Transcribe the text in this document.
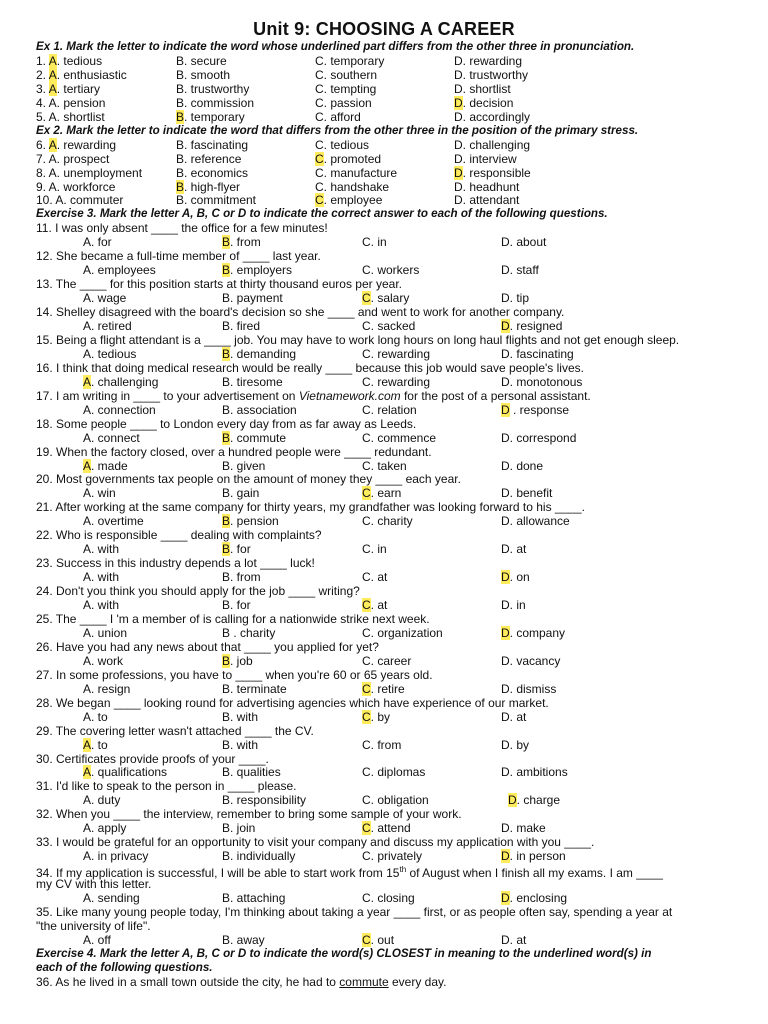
Unit 9: CHOOSING A CAREER
Ex 1. Mark the letter to indicate the word whose underlined part differs from the other three in pronunciation.
1. A. tedious	B. secure	C. temporary	D. rewarding
2. A. enthusiastic	B. smooth	C. southern	D. trustworthy
3. A. tertiary	B. trustworthy	C. tempting	D. shortlist
4. A. pension	B. commission	C. passion	D. decision
5. A. shortlist	B. temporary	C. afford	D. accordingly
Ex 2. Mark the letter to indicate the word that differs from the other three in the position of the primary stress.
6. A. rewarding	B. fascinating	C. tedious	D. challenging
7. A. prospect	B. reference	C. promoted	D. interview
8. A. unemployment	B. economics	C. manufacture	D. responsible
9. A. workforce	B. high-flyer	C. handshake	D. headhunt
10. A. commuter	B. commitment	C. employee	D. attendant
Exercise 3. Mark the letter A, B, C or D to indicate the correct answer to each of the following questions.
11. I was only absent ____ the office for a few minutes!
A. for	B. from	C. in	D. about
12. She became a full-time member of ____ last year.
A. employees	B. employers	C. workers	D. staff
13. The ____ for this position starts at thirty thousand euros per year.
A. wage	B. payment	C. salary	D. tip
14. Shelley disagreed with the board's decision so she ____ and went to work for another company.
A. retired	B. fired	C. sacked	D. resigned
15. Being a flight attendant is a ____ job. You may have to work long hours on long haul flights and not get enough sleep.
A. tedious	B. demanding	C. rewarding	D. fascinating
16. I think that doing medical research would be really ____ because this job would save people's lives.
A. challenging	B. tiresome	C. rewarding	D. monotonous
17. I am writing in ____ to your advertisement on Vietnamework.com for the post of a personal assistant.
A. connection	B. association	C. relation	D . response
18. Some people ____ to London every day from as far away as Leeds.
A. connect	B. commute	C. commence	D. correspond
19. When the factory closed, over a hundred people were ____ redundant.
A. made	B. given	C. taken	D. done
20. Most governments tax people on the amount of money they ____ each year.
A. win	B. gain	C. earn	D. benefit
21. After working at the same company for thirty years, my grandfather was looking forward to his ____.
A. overtime	B. pension	C. charity	D. allowance
22. Who is responsible ____ dealing with complaints?
A. with	B. for	C. in	D. at
23. Success in this industry depends a lot ____ luck!
A. with	B. from	C. at	D. on
24. Don't you think you should apply for the job ____ writing?
A. with	B. for	C. at	D. in
25. The ____ I 'm a member of is calling for a nationwide strike next week.
A. union	B . charity	C. organization	D. company
26. Have you had any news about that ____ you applied for yet?
A. work	B. job	C. career	D. vacancy
27. In some professions, you have to ____ when you're 60 or 65 years old.
A. resign	B. terminate	C. retire	D. dismiss
28. We began ____ looking round for advertising agencies which have experience of our market.
A. to	B. with	C. by	D. at
29. The covering letter wasn't attached ____ the CV.
A. to	B. with	C. from	D. by
30. Certificates provide proofs of your ____.
A. qualifications	B. qualities	C. diplomas	D. ambitions
31. I'd like to speak to the person in ____ please.
A. duty	B. responsibility	C. obligation	D. charge
32. When you ____ the interview, remember to bring some sample of your work.
A. apply	B. join	C. attend	D. make
33. I would be grateful for an opportunity to visit your company and discuss my application with you ____.
A. in privacy	B. individually	C. privately	D. in person
34. If my application is successful, I will be able to start work from 15th of August when I finish all my exams. I am ____
my CV with this letter.
A. sending	B. attaching	C. closing	D. enclosing
35. Like many young people today, I'm thinking about taking a year ____ first, or as people often say, spending a year at
"the university of life".
A. off	B. away	C. out	D. at
Exercise 4. Mark the letter A, B, C or D to indicate the word(s) CLOSEST in meaning to the underlined word(s) in
each of the following questions.
36. As he lived in a small town outside the city, he had to commute every day.
